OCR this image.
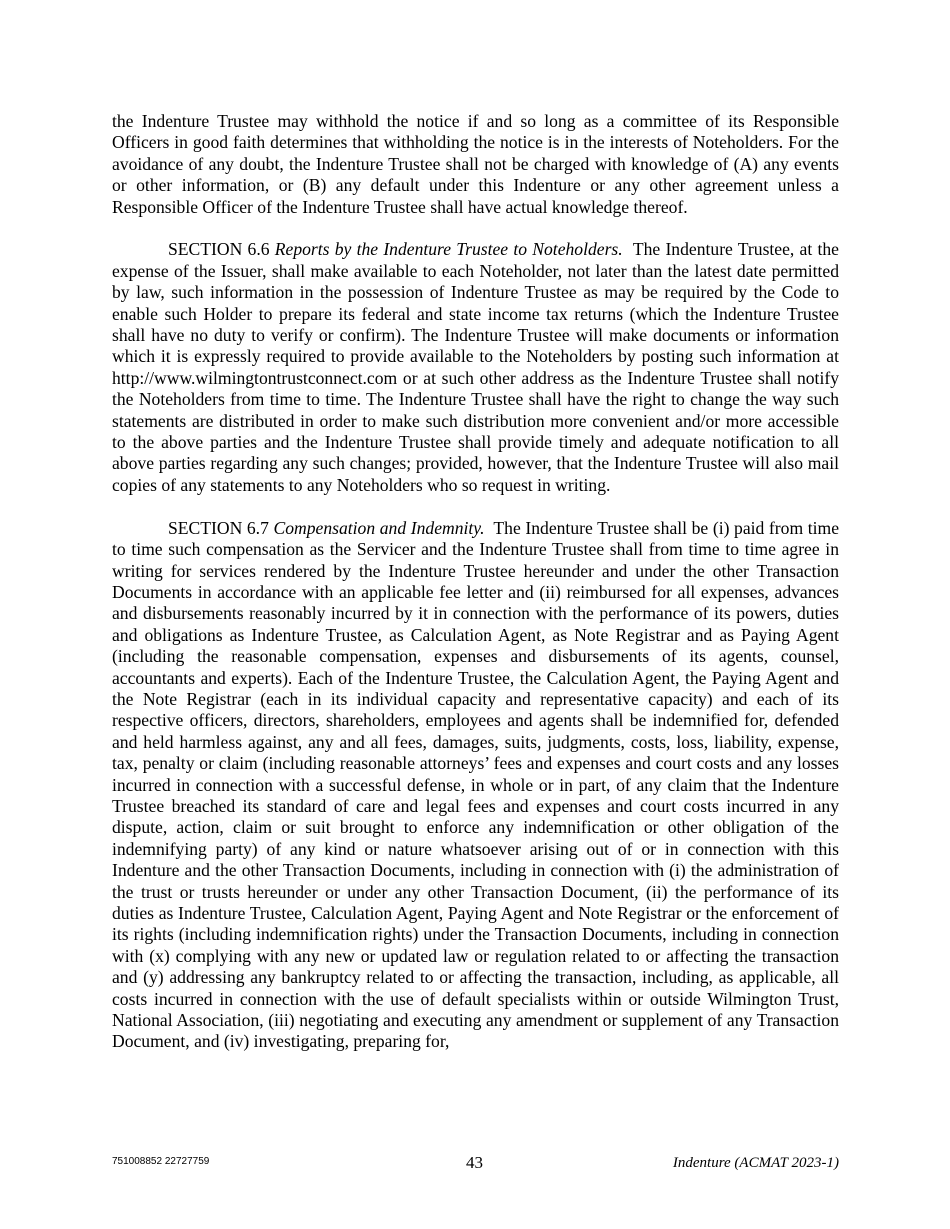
the Indenture Trustee may withhold the notice if and so long as a committee of its Responsible Officers in good faith determines that withholding the notice is in the interests of Noteholders. For the avoidance of any doubt, the Indenture Trustee shall not be charged with knowledge of (A) any events or other information, or (B) any default under this Indenture or any other agreement unless a Responsible Officer of the Indenture Trustee shall have actual knowledge thereof.

SECTION 6.6 Reports by the Indenture Trustee to Noteholders. The Indenture Trustee, at the expense of the Issuer, shall make available to each Noteholder, not later than the latest date permitted by law, such information in the possession of Indenture Trustee as may be required by the Code to enable such Holder to prepare its federal and state income tax returns (which the Indenture Trustee shall have no duty to verify or confirm). The Indenture Trustee will make documents or information which it is expressly required to provide available to the Noteholders by posting such information at http://www.wilmingtontrustconnect.com or at such other address as the Indenture Trustee shall notify the Noteholders from time to time. The Indenture Trustee shall have the right to change the way such statements are distributed in order to make such distribution more convenient and/or more accessible to the above parties and the Indenture Trustee shall provide timely and adequate notification to all above parties regarding any such changes; provided, however, that the Indenture Trustee will also mail copies of any statements to any Noteholders who so request in writing.

SECTION 6.7 Compensation and Indemnity. The Indenture Trustee shall be (i) paid from time to time such compensation as the Servicer and the Indenture Trustee shall from time to time agree in writing for services rendered by the Indenture Trustee hereunder and under the other Transaction Documents in accordance with an applicable fee letter and (ii) reimbursed for all expenses, advances and disbursements reasonably incurred by it in connection with the performance of its powers, duties and obligations as Indenture Trustee, as Calculation Agent, as Note Registrar and as Paying Agent (including the reasonable compensation, expenses and disbursements of its agents, counsel, accountants and experts). Each of the Indenture Trustee, the Calculation Agent, the Paying Agent and the Note Registrar (each in its individual capacity and representative capacity) and each of its respective officers, directors, shareholders, employees and agents shall be indemnified for, defended and held harmless against, any and all fees, damages, suits, judgments, costs, loss, liability, expense, tax, penalty or claim (including reasonable attorneys’ fees and expenses and court costs and any losses incurred in connection with a successful defense, in whole or in part, of any claim that the Indenture Trustee breached its standard of care and legal fees and expenses and court costs incurred in any dispute, action, claim or suit brought to enforce any indemnification or other obligation of the indemnifying party) of any kind or nature whatsoever arising out of or in connection with this Indenture and the other Transaction Documents, including in connection with (i) the administration of the trust or trusts hereunder or under any other Transaction Document, (ii) the performance of its duties as Indenture Trustee, Calculation Agent, Paying Agent and Note Registrar or the enforcement of its rights (including indemnification rights) under the Transaction Documents, including in connection with (x) complying with any new or updated law or regulation related to or affecting the transaction and (y) addressing any bankruptcy related to or affecting the transaction, including, as applicable, all costs incurred in connection with the use of default specialists within or outside Wilmington Trust, National Association, (iii) negotiating and executing any amendment or supplement of any Transaction Document, and (iv) investigating, preparing for,

751008852 22727759	43	Indenture (ACMAT 2023-1)
